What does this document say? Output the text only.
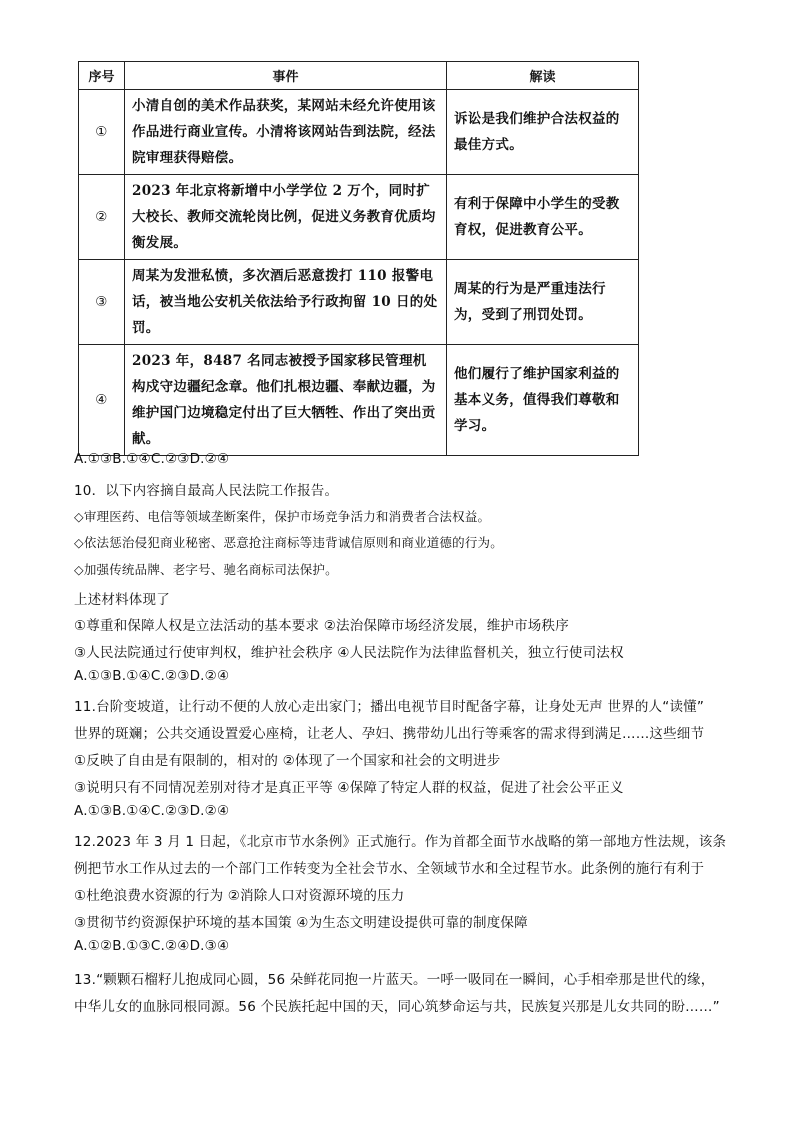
序号	事件	解读
①	小清自创的美术作品获奖，某网站未经允许使用该作品进行商业宣传。小清将该网站告到法院，经法院审理获得赔偿。	诉讼是我们维护合法权益的最佳方式。
②	2023 年北京将新增中小学学位 2 万个，同时扩大校长、教师交流轮岗比例，促进义务教育优质均衡发展。	有利于保障中小学生的受教育权，促进教育公平。
③	周某为发泄私愤，多次酒后恶意拨打 110 报警电话，被当地公安机关依法给予行政拘留 10 日的处罚。	周某的行为是严重违法行为，受到了刑罚处罚。
④	2023 年，8487 名同志被授予国家移民管理机构戍守边疆纪念章。他们扎根边疆、奉献边疆，为维护国门边境稳定付出了巨大牺牲、作出了突出贡献。	他们履行了维护国家利益的基本义务，值得我们尊敬和学习。
A.①③B.①④C.②③D.②④
10．以下内容摘自最高人民法院工作报告。
◇审理医药、电信等领域垄断案件，保护市场竞争活力和消费者合法权益。
◇依法惩治侵犯商业秘密、恶意抢注商标等违背诚信原则和商业道德的行为。
◇加强传统品牌、老字号、驰名商标司法保护。
上述材料体现了
①尊重和保障人权是立法活动的基本要求 ②法治保障市场经济发展，维护市场秩序
③人民法院通过行使审判权，维护社会秩序 ④人民法院作为法律监督机关，独立行使司法权
A.①③B.①④C.②③D.②④
11.台阶变坡道，让行动不便的人放心走出家门；播出电视节目时配备字幕，让身处无声 世界的人“读懂”
世界的斑斓；公共交通设置爱心座椅，让老人、孕妇、携带幼儿出行等乘客的需求得到满足……这些细节
①反映了自由是有限制的，相对的 ②体现了一个国家和社会的文明进步
③说明只有不同情况差别对待才是真正平等 ④保障了特定人群的权益，促进了社会公平正义
A.①③B.①④C.②③D.②④
12.2023 年 3 月 1 日起，《北京市节水条例》正式施行。作为首都全面节水战略的第一部地方性法规，该条
例把节水工作从过去的一个部门工作转变为全社会节水、全领域节水和全过程节水。此条例的施行有利于
①杜绝浪费水资源的行为 ②消除人口对资源环境的压力
③贯彻节约资源保护环境的基本国策 ④为生态文明建设提供可靠的制度保障
A.①②B.①③C.②④D.③④
13.“颗颗石榴籽儿抱成同心圆，56 朵鲜花同抱一片蓝天。一呼一吸同在一瞬间，心手相牵那是世代的缘，
中华儿女的血脉同根同源。56 个民族托起中国的天，同心筑梦命运与共，民族复兴那是儿女共同的盼……”
